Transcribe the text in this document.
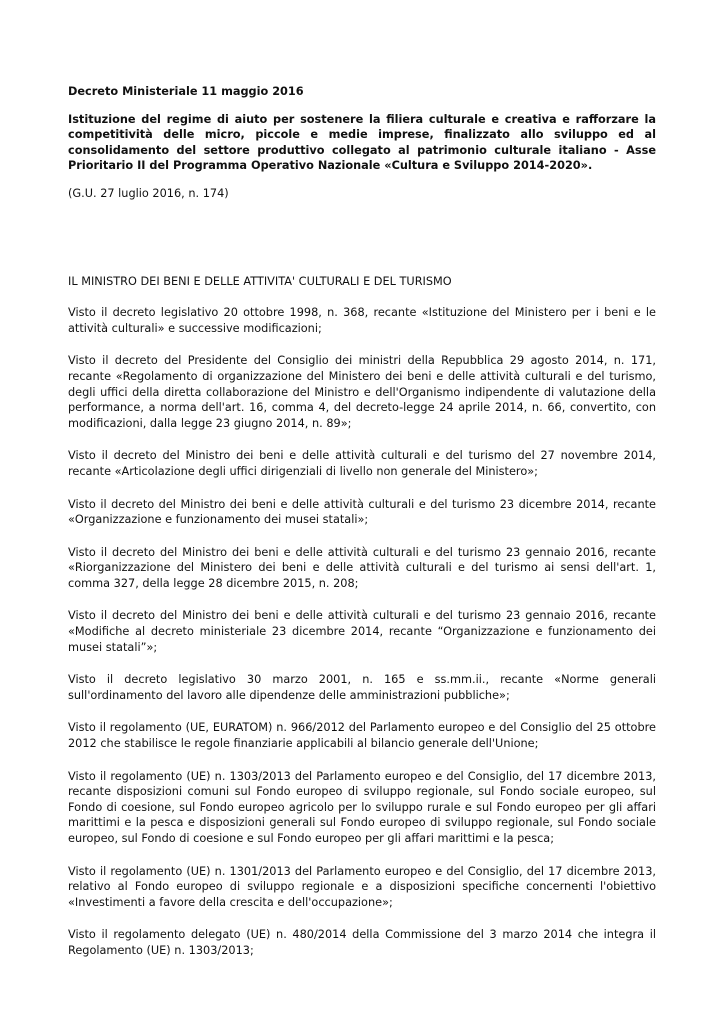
Decreto Ministeriale 11 maggio 2016

Istituzione del regime di aiuto per sostenere la filiera culturale e creativa e rafforzare la competitività delle micro, piccole e medie imprese, finalizzato allo sviluppo ed al consolidamento del settore produttivo collegato al patrimonio culturale italiano - Asse Prioritario II del Programma Operativo Nazionale «Cultura e Sviluppo 2014-2020».

(G.U. 27 luglio 2016, n. 174)

IL MINISTRO DEI BENI E DELLE ATTIVITA' CULTURALI E DEL TURISMO

Visto il decreto legislativo 20 ottobre 1998, n. 368, recante «Istituzione del Ministero per i beni e le attività culturali» e successive modificazioni;

Visto il decreto del Presidente del Consiglio dei ministri della Repubblica 29 agosto 2014, n. 171, recante «Regolamento di organizzazione del Ministero dei beni e delle attività culturali e del turismo, degli uffici della diretta collaborazione del Ministro e dell'Organismo indipendente di valutazione della performance, a norma dell'art. 16, comma 4, del decreto-legge 24 aprile 2014, n. 66, convertito, con modificazioni, dalla legge 23 giugno 2014, n. 89»;

Visto il decreto del Ministro dei beni e delle attività culturali e del turismo del 27 novembre 2014, recante «Articolazione degli uffici dirigenziali di livello non generale del Ministero»;

Visto il decreto del Ministro dei beni e delle attività culturali e del turismo 23 dicembre 2014, recante «Organizzazione e funzionamento dei musei statali»;

Visto il decreto del Ministro dei beni e delle attività culturali e del turismo 23 gennaio 2016, recante «Riorganizzazione del Ministero dei beni e delle attività culturali e del turismo ai sensi dell'art. 1, comma 327, della legge 28 dicembre 2015, n. 208;

Visto il decreto del Ministro dei beni e delle attività culturali e del turismo 23 gennaio 2016, recante «Modifiche al decreto ministeriale 23 dicembre 2014, recante “Organizzazione e funzionamento dei musei statali”»;

Visto il decreto legislativo 30 marzo 2001, n. 165 e ss.mm.ii., recante «Norme generali sull'ordinamento del lavoro alle dipendenze delle amministrazioni pubbliche»;

Visto il regolamento (UE, EURATOM) n. 966/2012 del Parlamento europeo e del Consiglio del 25 ottobre 2012 che stabilisce le regole finanziarie applicabili al bilancio generale dell'Unione;

Visto il regolamento (UE) n. 1303/2013 del Parlamento europeo e del Consiglio, del 17 dicembre 2013, recante disposizioni comuni sul Fondo europeo di sviluppo regionale, sul Fondo sociale europeo, sul Fondo di coesione, sul Fondo europeo agricolo per lo sviluppo rurale e sul Fondo europeo per gli affari marittimi e la pesca e disposizioni generali sul Fondo europeo di sviluppo regionale, sul Fondo sociale europeo, sul Fondo di coesione e sul Fondo europeo per gli affari marittimi e la pesca;

Visto il regolamento (UE) n. 1301/2013 del Parlamento europeo e del Consiglio, del 17 dicembre 2013, relativo al Fondo europeo di sviluppo regionale e a disposizioni specifiche concernenti l'obiettivo «Investimenti a favore della crescita e dell'occupazione»;

Visto il regolamento delegato (UE) n. 480/2014 della Commissione del 3 marzo 2014 che integra il Regolamento (UE) n. 1303/2013;
